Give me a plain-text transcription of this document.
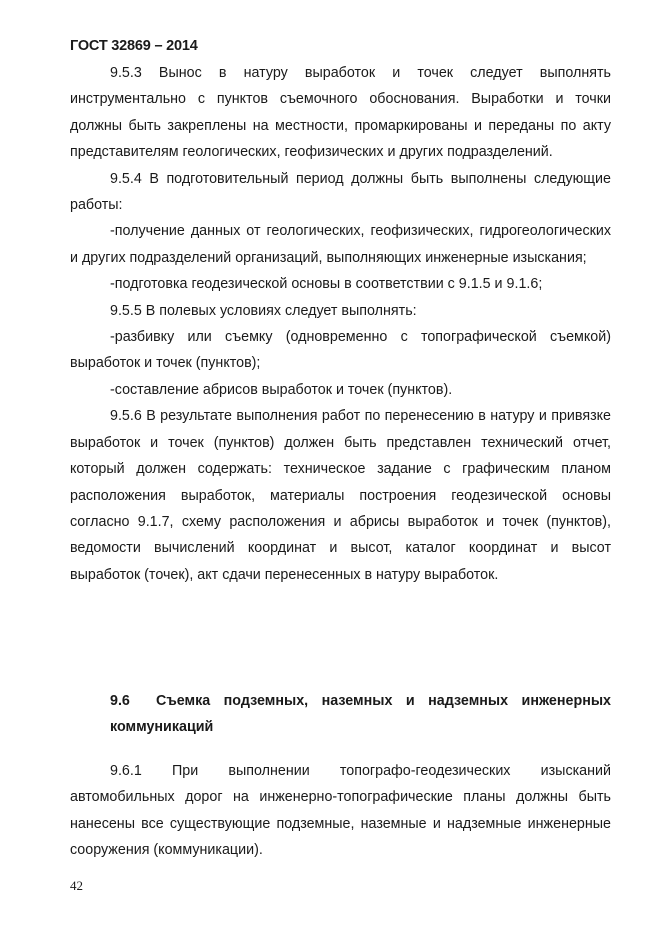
ГОСТ 32869 – 2014

9.5.3 Вынос в натуру выработок и точек следует выполнять инструментально с пунктов съемочного обоснования. Выработки и точки должны быть закреплены на местности, промаркированы и переданы по акту представителям геологических, геофизических и других подразделений.

9.5.4 В подготовительный период должны быть выполнены следующие работы:

-получение данных от геологических, геофизических, гидрогеологических и других подразделений организаций, выполняющих инженерные изыскания;

-подготовка геодезической основы в соответствии с 9.1.5 и 9.1.6;

9.5.5 В полевых условиях следует выполнять:

-разбивку или съемку (одновременно с топографической съемкой) выработок и точек (пунктов);

-составление абрисов выработок и точек (пунктов).

9.5.6 В результате выполнения работ по перенесению в натуру и привязке выработок и точек (пунктов) должен быть представлен технический отчет, который должен содержать: техническое задание с графическим планом расположения выработок, материалы построения геодезической основы согласно 9.1.7, схему расположения и абрисы выработок и точек (пунктов), ведомости вычислений координат и высот, каталог координат и высот выработок (точек), акт сдачи перенесенных в натуру выработок.

9.6 Съемка подземных, наземных и надземных инженерных коммуникаций

9.6.1 При выполнении топографо-геодезических изысканий автомобильных дорог на инженерно-топографические планы должны быть нанесены все существующие подземные, наземные и надземные инженерные сооружения (коммуникации).

42
